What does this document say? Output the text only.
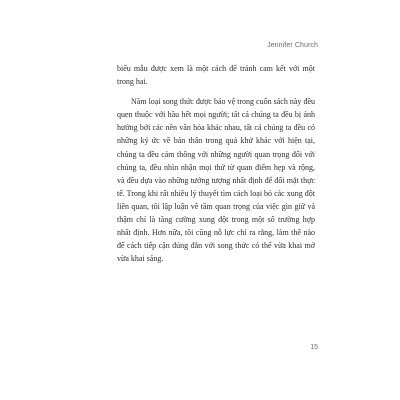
Jennifer Church

biểu mẫu được xem là một cách để tránh cam kết với một trong hai.

Năm loại song thức được bảo vệ trong cuốn sách này đều quen thuộc với hầu hết mọi người; tất cả chúng ta đều bị ảnh hưởng bởi các nền văn hóa khác nhau, tất cả chúng ta đều có những ký ức về bản thân trong quá khứ khác với hiện tại, chúng ta đều cảm thông với những người quan trọng đối với chúng ta, đều nhìn nhận mọi thứ từ quan điểm hẹp và rộng, và đều dựa vào những tưởng tượng nhất định để đối mặt thực tế. Trong khi rất nhiều lý thuyết tìm cách loại bỏ các xung đột liên quan, tôi lập luận về tầm quan trọng của việc gìn giữ và thậm chí là tăng cường xung đột trong một số trường hợp nhất định. Hơn nữa, tôi cũng nỗ lực chỉ ra rằng, làm thế nào để cách tiếp cận đúng đắn với song thức có thể vừa khai mở vừa khai sáng.

15
